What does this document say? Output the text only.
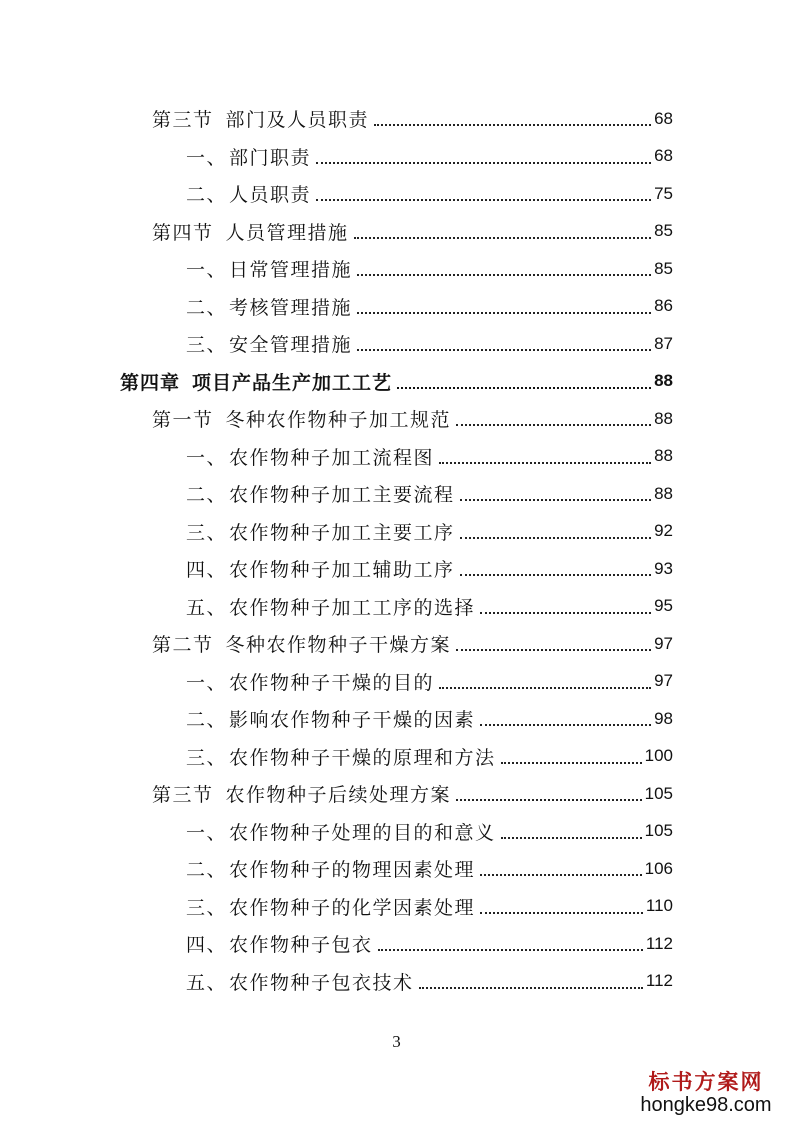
第三节 部门及人员职责	68
一、 部门职责	68
二、 人员职责	75
第四节 人员管理措施	85
一、 日常管理措施	85
二、 考核管理措施	86
三、 安全管理措施	87
第四章 项目产品生产加工工艺	88
第一节 冬种农作物种子加工规范	88
一、 农作物种子加工流程图	88
二、 农作物种子加工主要流程	88
三、 农作物种子加工主要工序	92
四、 农作物种子加工辅助工序	93
五、 农作物种子加工工序的选择	95
第二节 冬种农作物种子干燥方案	97
一、 农作物种子干燥的目的	97
二、 影响农作物种子干燥的因素	98
三、 农作物种子干燥的原理和方法	100
第三节 农作物种子后续处理方案	105
一、 农作物种子处理的目的和意义	105
二、 农作物种子的物理因素处理	106
三、 农作物种子的化学因素处理	110
四、 农作物种子包衣	112
五、 农作物种子包衣技术	112
3
标书方案网
hongke98.com
